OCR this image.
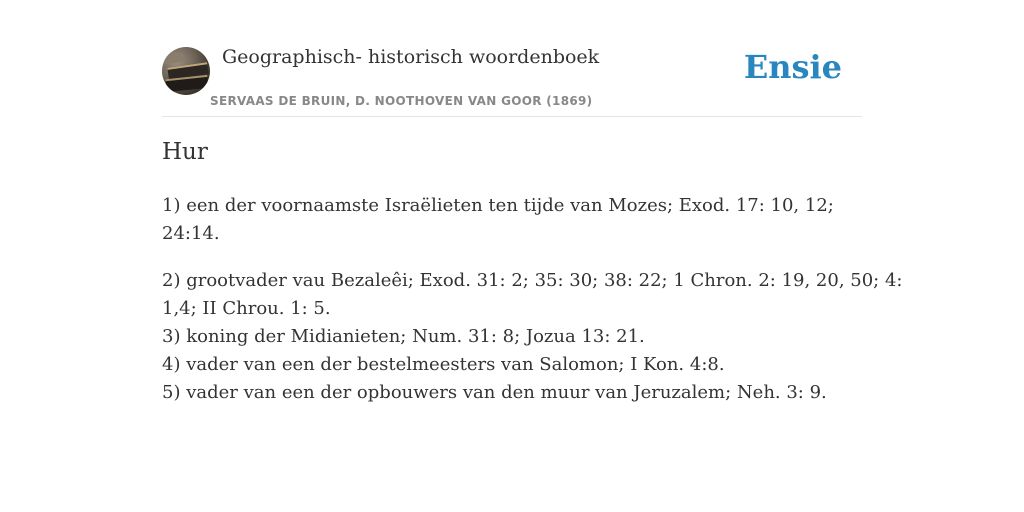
Geographisch- historisch woordenboek
SERVAAS DE BRUIN, D. NOOTHOVEN VAN GOOR (1869)
Ensie
Hur

1) een der voornaamste Israëlieten ten tijde van Mozes; Exod. 17: 10, 12; 24:14.

2) grootvader vau Bezaleêi; Exod. 31: 2; 35: 30; 38: 22; 1 Chron. 2: 19, 20, 50; 4:
1,4; II Chrou. 1: 5.
3) koning der Midianieten; Num. 31: 8; Jozua 13: 21.
4) vader van een der bestelmeesters van Salomon; I Kon. 4:8.
5) vader van een der opbouwers van den muur van Jeruzalem; Neh. 3: 9.
